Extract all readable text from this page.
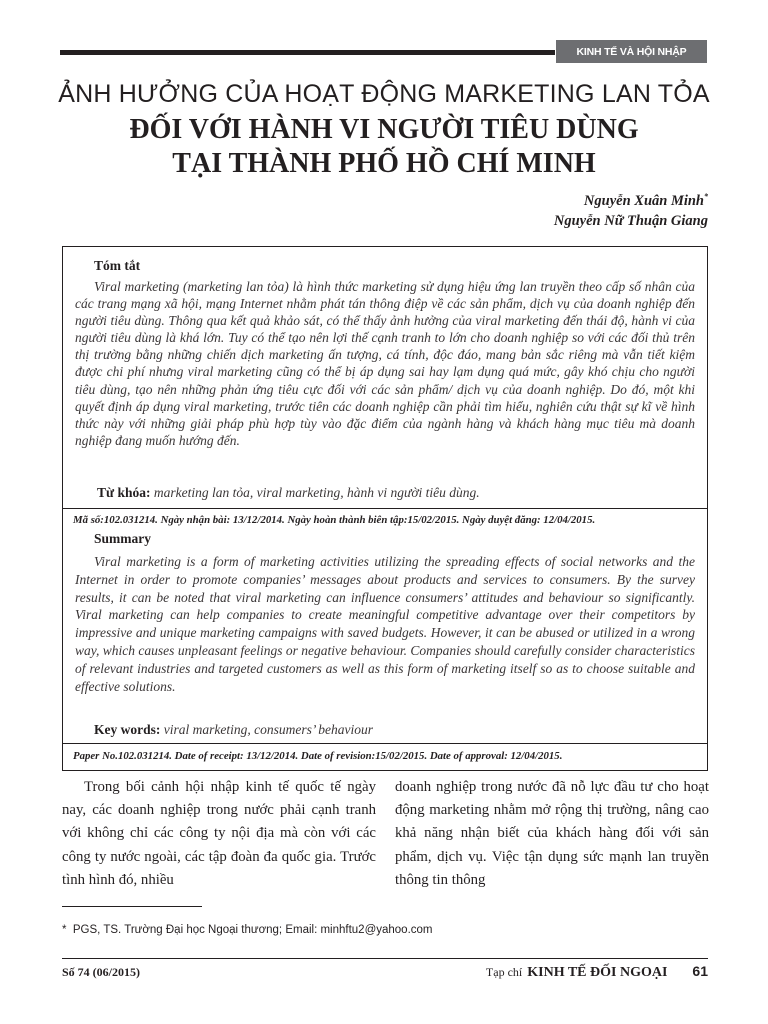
KINH TẾ VÀ HỘI NHẬP
ẢNH HƯỞNG CỦA HOẠT ĐỘNG MARKETING LAN TỎA
ĐỐI VỚI HÀNH VI NGƯỜI TIÊU DÙNG
TẠI THÀNH PHỐ HỒ CHÍ MINH
Nguyễn Xuân Minh*
Nguyễn Nữ Thuận Giang
Tóm tắt
Viral marketing (marketing lan tỏa) là hình thức marketing sử dụng hiệu ứng lan truyền theo cấp số nhân của các trang mạng xã hội, mạng Internet nhằm phát tán thông điệp về các sản phẩm, dịch vụ của doanh nghiệp đến người tiêu dùng. Thông qua kết quả khảo sát, có thể thấy ảnh hưởng của viral marketing đến thái độ, hành vi của người tiêu dùng là khá lớn. Tuy có thể tạo nên lợi thế cạnh tranh to lớn cho doanh nghiệp so với các đối thủ trên thị trường bằng những chiến dịch marketing ấn tượng, cá tính, độc đáo, mang bản sắc riêng mà vẫn tiết kiệm được chi phí nhưng viral marketing cũng có thể bị áp dụng sai hay lạm dụng quá mức, gây khó chịu cho người tiêu dùng, tạo nên những phản ứng tiêu cực đối với các sản phẩm/ dịch vụ của doanh nghiệp. Do đó, một khi quyết định áp dụng viral marketing, trước tiên các doanh nghiệp cần phải tìm hiểu, nghiên cứu thật sự kĩ về hình thức này với những giải pháp phù hợp tùy vào đặc điểm của ngành hàng và khách hàng mục tiêu mà doanh nghiệp đang muốn hướng đến.
Từ khóa: marketing lan tỏa, viral marketing, hành vi người tiêu dùng.
Mã số:102.031214. Ngày nhận bài: 13/12/2014. Ngày hoàn thành biên tập:15/02/2015. Ngày duyệt đăng: 12/04/2015.
Summary
Viral marketing is a form of marketing activities utilizing the spreading effects of social networks and the Internet in order to promote companies’ messages about products and services to consumers. By the survey results, it can be noted that viral marketing can influence consumers’ attitudes and behaviour so significantly. Viral marketing can help companies to create meaningful competitive advantage over their competitors by impressive and unique marketing campaigns with saved budgets. However, it can be abused or utilized in a wrong way, which causes unpleasant feelings or negative behaviour. Companies should carefully consider characteristics of relevant industries and targeted customers as well as this form of marketing itself so as to choose suitable and effective solutions.
Key words: viral marketing, consumers’ behaviour
Paper No.102.031214. Date of receipt: 13/12/2014. Date of revision:15/02/2015. Date of approval: 12/04/2015.
Trong bối cảnh hội nhập kinh tế quốc tế ngày nay, các doanh nghiệp trong nước phải cạnh tranh với không chỉ các công ty nội địa mà còn với các công ty nước ngoài, các tập đoàn đa quốc gia. Trước tình hình đó, nhiều
doanh nghiệp trong nước đã nỗ lực đầu tư cho hoạt động marketing nhằm mở rộng thị trường, nâng cao khả năng nhận biết của khách hàng đối với sản phẩm, dịch vụ. Việc tận dụng sức mạnh lan truyền thông tin thông
* PGS, TS. Trường Đại học Ngoại thương; Email: minhftu2@yahoo.com
Số 74 (06/2015)	Tạp chí KINH TẾ ĐỐI NGOẠI 61
